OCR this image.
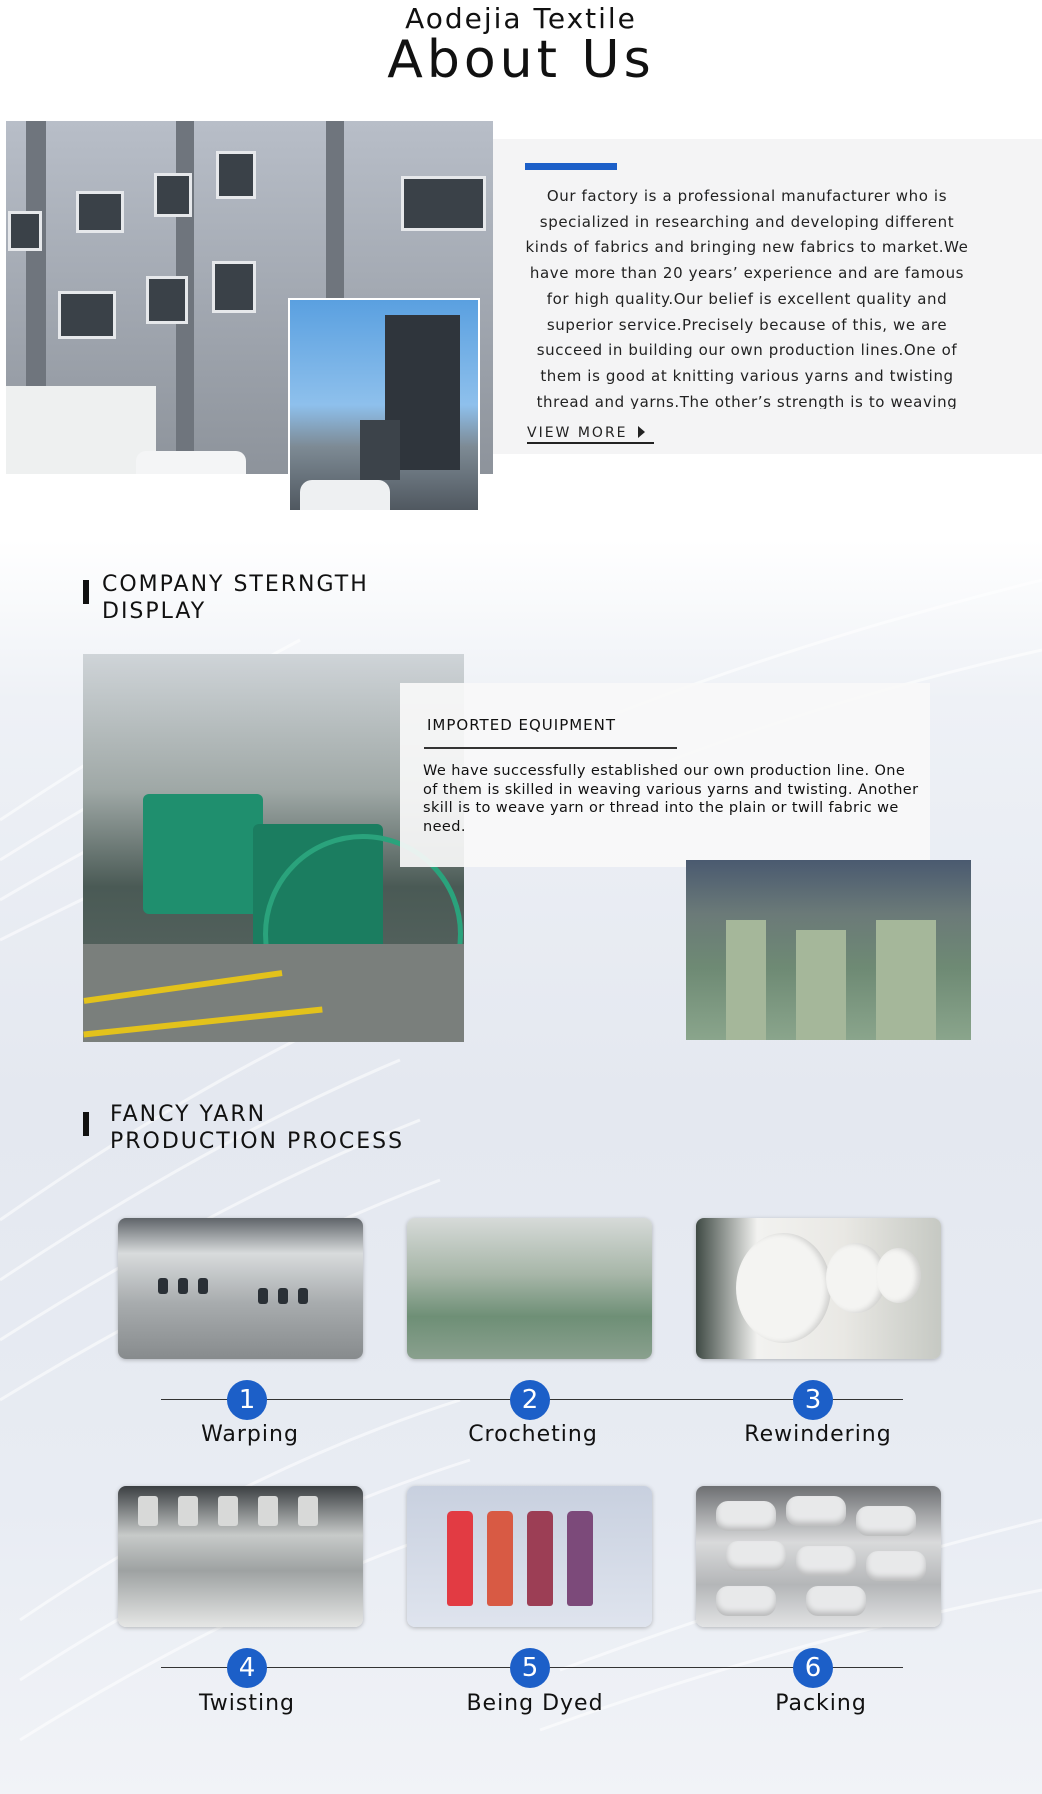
Aodejia Textile
About Us
Our factory is a professional manufacturer who is specialized in researching and developing different kinds of fabrics and bringing new fabrics to market.We have more than 20 years’ experience and are famous for high quality.Our belief is excellent quality and superior service.Precisely because of this, we are succeed in building our own production lines.One of them is good at knitting various yarns and twisting thread and yarns.The other’s strength is to weaving
VIEW MORE
COMPANY STERNGTH
DISPLAY
IMPORTED EQUIPMENT
We have successfully established our own production line. One of them is skilled in weaving various yarns and twisting. Another skill is to weave yarn or thread into the plain or twill fabric we need.
FANCY YARN
PRODUCTION PROCESS
1	2	3
Warping	Crocheting	Rewindering
4	5	6
Twisting	Being Dyed	Packing
